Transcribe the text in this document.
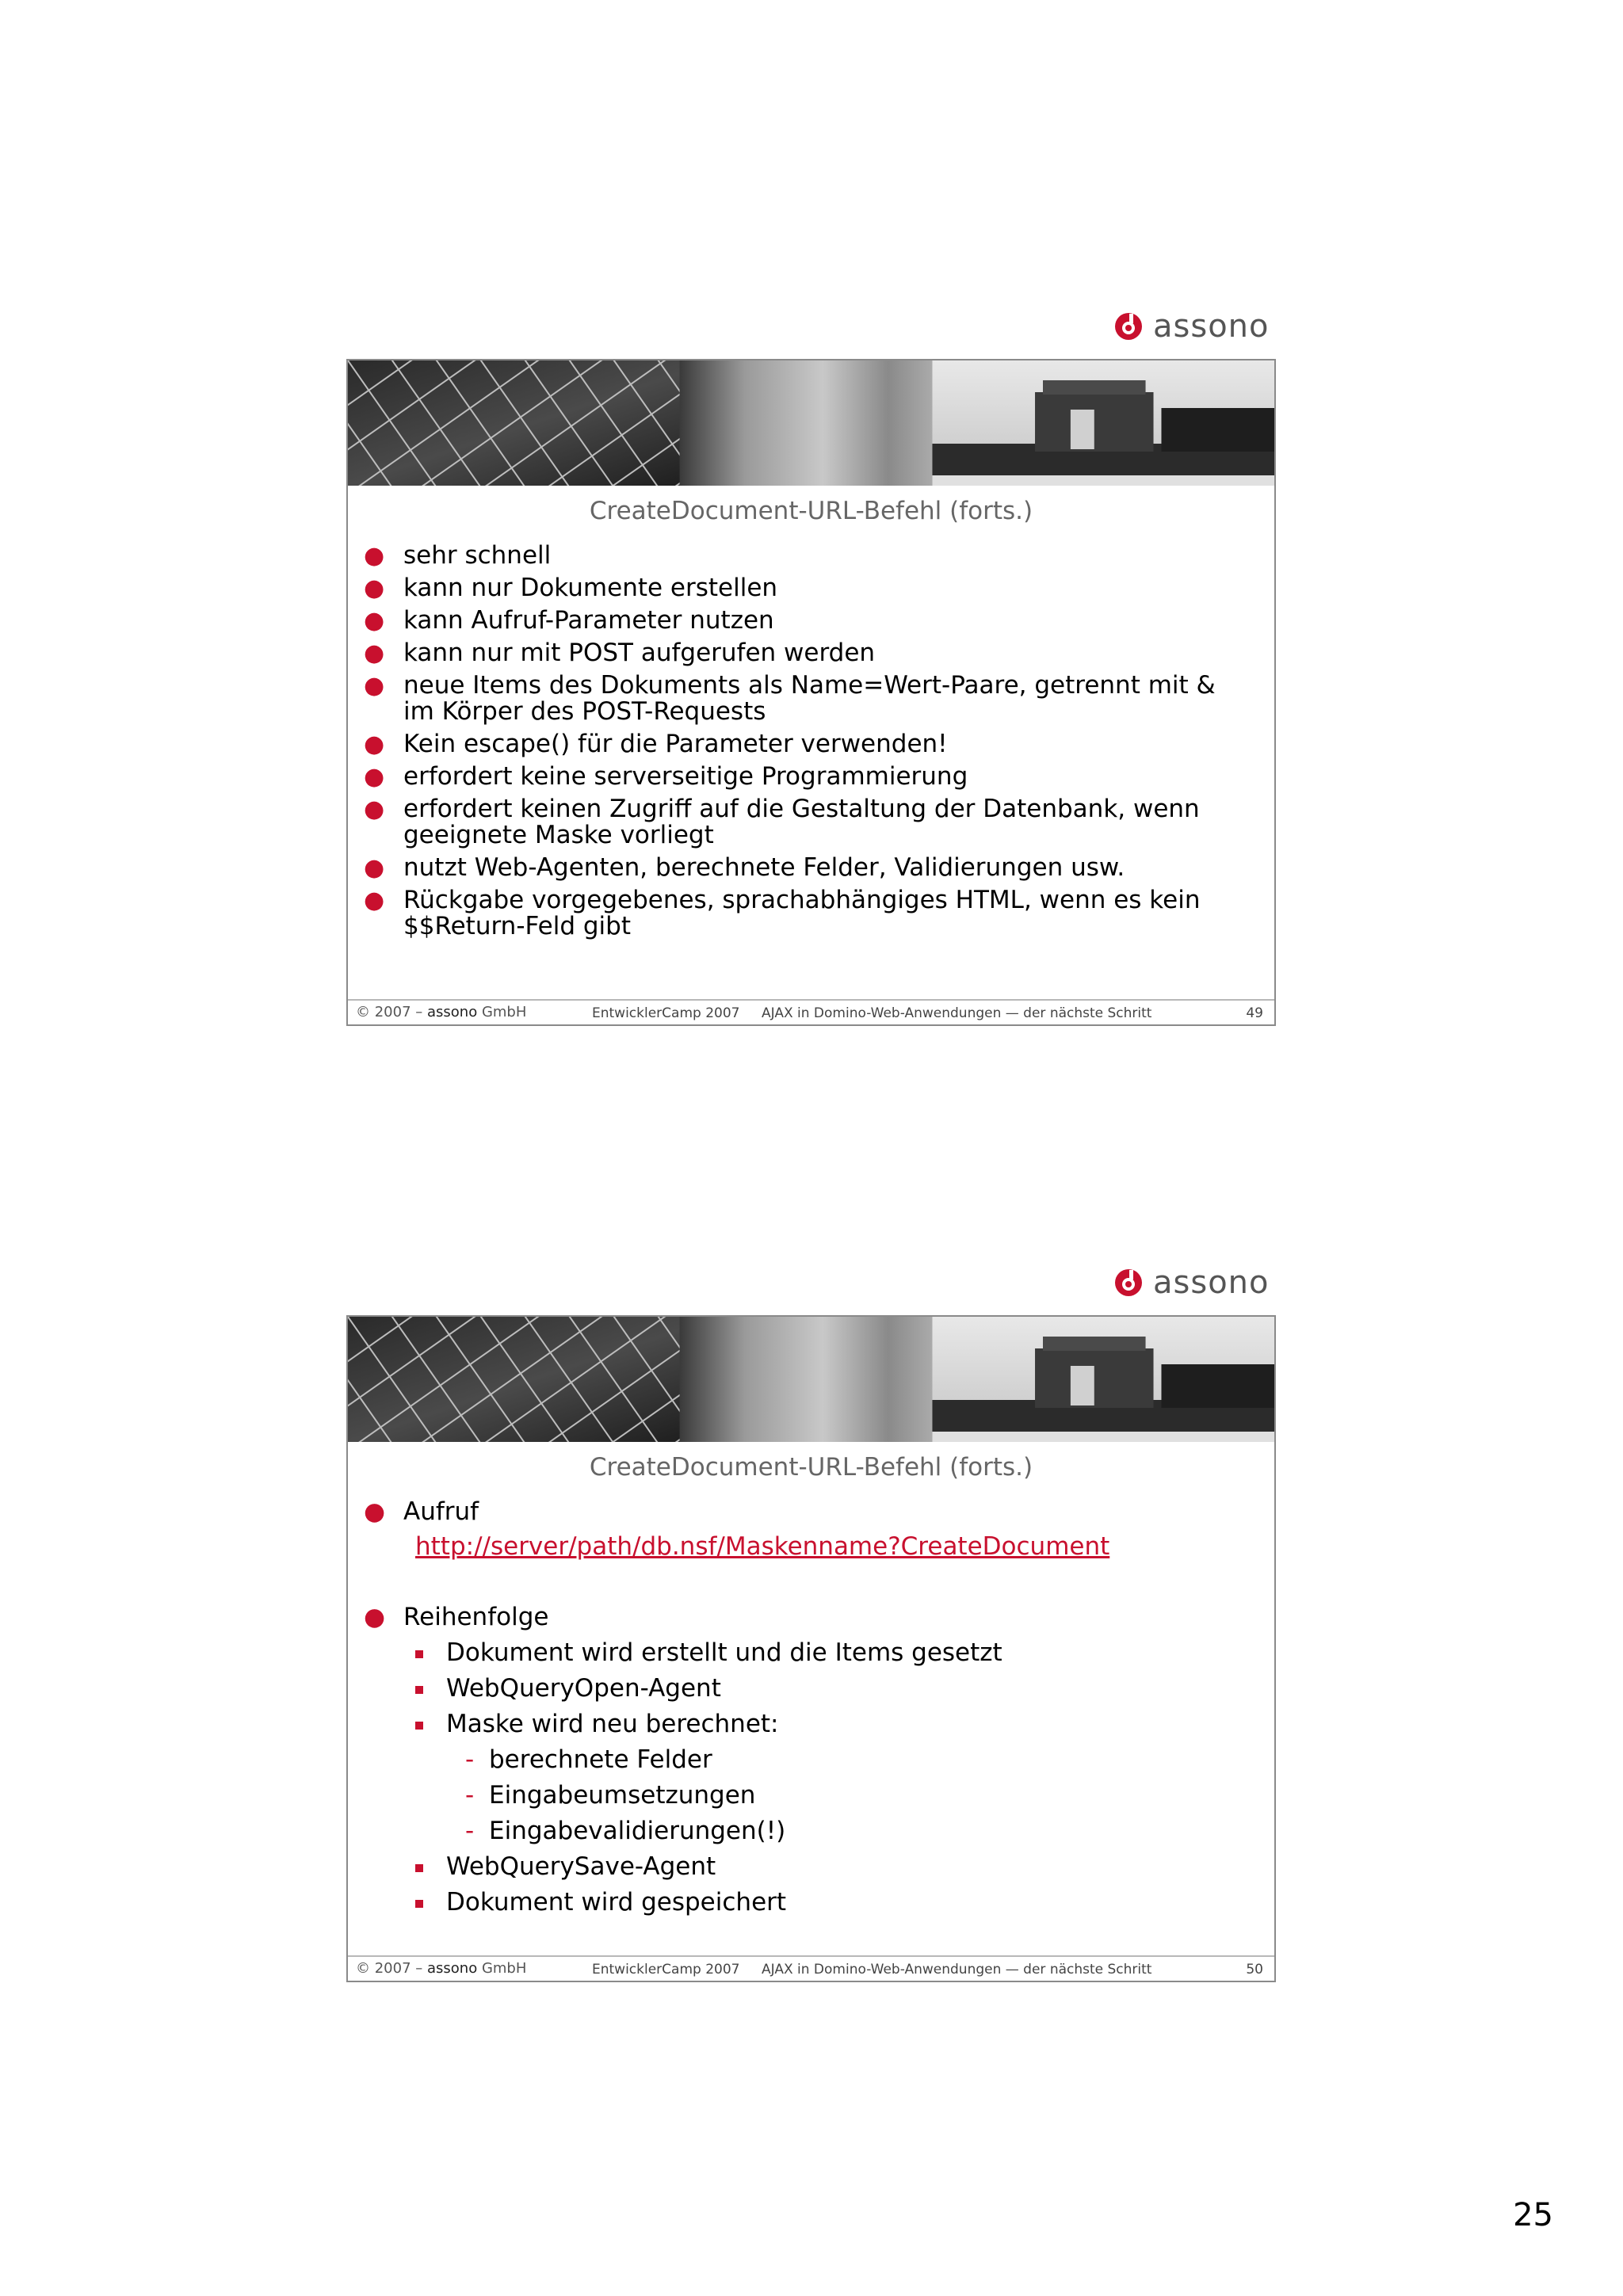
assono
CreateDocument-URL-Befehl (forts.)
● sehr schnell
● kann nur Dokumente erstellen
● kann Aufruf-Parameter nutzen
● kann nur mit POST aufgerufen werden
● neue Items des Dokuments als Name=Wert-Paare, getrennt mit &
im Körper des POST-Requests
● Kein escape() für die Parameter verwenden!
● erfordert keine serverseitige Programmierung
● erfordert keinen Zugriff auf die Gestaltung der Datenbank, wenn
geeignete Maske vorliegt
● nutzt Web-Agenten, berechnete Felder, Validierungen usw.
● Rückgabe vorgegebenes, sprachabhängiges HTML, wenn es kein
$$Return-Feld gibt
© 2007 – assono GmbH	EntwicklerCamp 2007 AJAX in Domino-Web-Anwendungen — der nächste Schritt	49
assono
CreateDocument-URL-Befehl (forts.)
● Aufruf
http://server/path/db.nsf/Maskenname?CreateDocument
● Reihenfolge
Dokument wird erstellt und die Items gesetzt
WebQueryOpen-Agent
Maske wird neu berechnet:
- berechnete Felder
- Eingabeumsetzungen
- Eingabevalidierungen(!)
WebQuerySave-Agent
Dokument wird gespeichert
© 2007 – assono GmbH	EntwicklerCamp 2007 AJAX in Domino-Web-Anwendungen — der nächste Schritt	50
25
